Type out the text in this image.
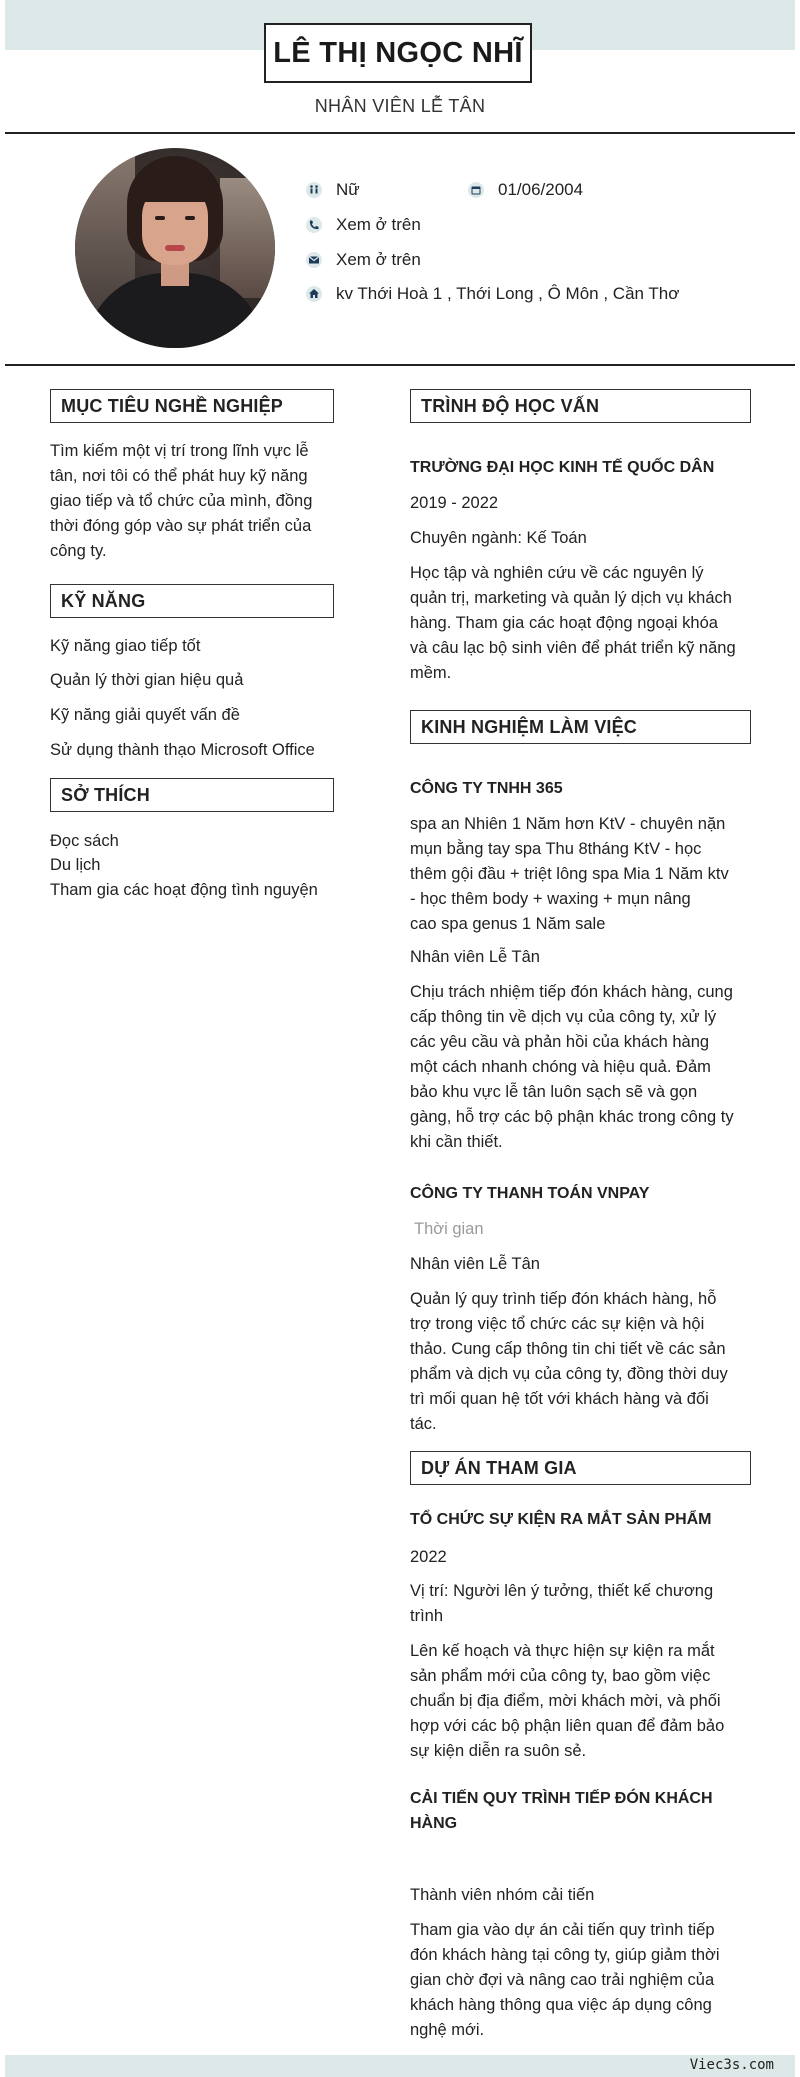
LÊ THỊ NGỌC NHĨ
NHÂN VIÊN LỄ TÂN
Nữ	01/06/2004
Xem ở trên
Xem ở trên
kv Thới Hoà 1 , Thới Long , Ô Môn , Cần Thơ
MỤC TIÊU NGHỀ NGHIỆP
Tìm kiếm một vị trí trong lĩnh vực lễ
tân, nơi tôi có thể phát huy kỹ năng
giao tiếp và tổ chức của mình, đồng
thời đóng góp vào sự phát triển của
công ty.
KỸ NĂNG
Kỹ năng giao tiếp tốt
Quản lý thời gian hiệu quả
Kỹ năng giải quyết vấn đề
Sử dụng thành thạo Microsoft Office
SỞ THÍCH
Đọc sách
Du lịch
Tham gia các hoạt động tình nguyện
TRÌNH ĐỘ HỌC VẤN
TRƯỜNG ĐẠI HỌC KINH TẾ QUỐC DÂN
2019 - 2022
Chuyên ngành: Kế Toán
Học tập và nghiên cứu về các nguyên lý
quản trị, marketing và quản lý dịch vụ khách
hàng. Tham gia các hoạt động ngoại khóa
và câu lạc bộ sinh viên để phát triển kỹ năng
mềm.
KINH NGHIỆM LÀM VIỆC
CÔNG TY TNHH 365
spa an Nhiên 1 Năm hơn KtV - chuyên nặn
mụn bằng tay spa Thu 8tháng KtV - học
thêm gội đầu + triệt lông spa Mia 1 Năm ktv
- học thêm body + waxing + mụn nâng
cao spa genus 1 Năm sale
Nhân viên Lễ Tân
Chịu trách nhiệm tiếp đón khách hàng, cung
cấp thông tin về dịch vụ của công ty, xử lý
các yêu cầu và phản hồi của khách hàng
một cách nhanh chóng và hiệu quả. Đảm
bảo khu vực lễ tân luôn sạch sẽ và gọn
gàng, hỗ trợ các bộ phận khác trong công ty
khi cần thiết.
CÔNG TY THANH TOÁN VNPAY
Thời gian
Nhân viên Lễ Tân
Quản lý quy trình tiếp đón khách hàng, hỗ
trợ trong việc tổ chức các sự kiện và hội
thảo. Cung cấp thông tin chi tiết về các sản
phẩm và dịch vụ của công ty, đồng thời duy
trì mối quan hệ tốt với khách hàng và đối
tác.
DỰ ÁN THAM GIA
TỔ CHỨC SỰ KIỆN RA MẮT SẢN PHẨM
2022
Vị trí: Người lên ý tưởng, thiết kế chương
trình
Lên kế hoạch và thực hiện sự kiện ra mắt
sản phẩm mới của công ty, bao gồm việc
chuẩn bị địa điểm, mời khách mời, và phối
hợp với các bộ phận liên quan để đảm bảo
sự kiện diễn ra suôn sẻ.
CẢI TIẾN QUY TRÌNH TIẾP ĐÓN KHÁCH
HÀNG
Thành viên nhóm cải tiến
Tham gia vào dự án cải tiến quy trình tiếp
đón khách hàng tại công ty, giúp giảm thời
gian chờ đợi và nâng cao trải nghiệm của
khách hàng thông qua việc áp dụng công
nghệ mới.
Viec3s.com
